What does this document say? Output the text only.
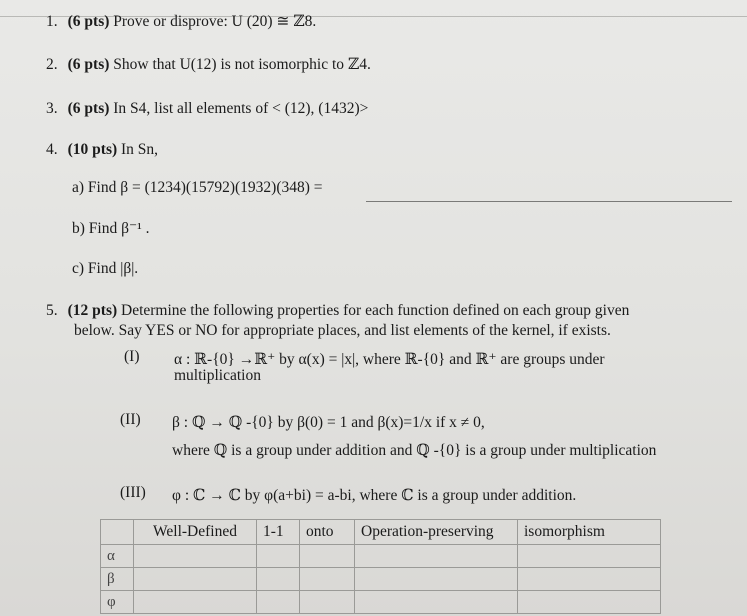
1. (6 pts) Prove or disprove: U (20) ≅ ℤ8.
2. (6 pts) Show that U(12) is not isomorphic to ℤ4.
3. (6 pts) In S4, list all elements of < (12), (1432)>
4. (10 pts) In Sn,
a) Find β = (1234)(15792)(1932)(348) =
b) Find β⁻¹ .
c) Find |β|.
5. (12 pts) Determine the following properties for each function defined on each group given
below. Say YES or NO for appropriate places, and list elements of the kernel, if exists.
(I) α : ℝ-{0} →ℝ⁺ by α(x) = |x|, where ℝ-{0} and ℝ⁺ are groups under
multiplication
(II) β : ℚ → ℚ -{0} by β(0) = 1 and β(x)=1/x if x ≠ 0,
where ℚ is a group under addition and ℚ -{0} is a group under multiplication
(III) φ : ℂ → ℂ by φ(a+bi) = a-bi, where ℂ is a group under addition.
	Well-Defined	1-1	onto	Operation-preserving	isomorphism
α					
β					
φ					
